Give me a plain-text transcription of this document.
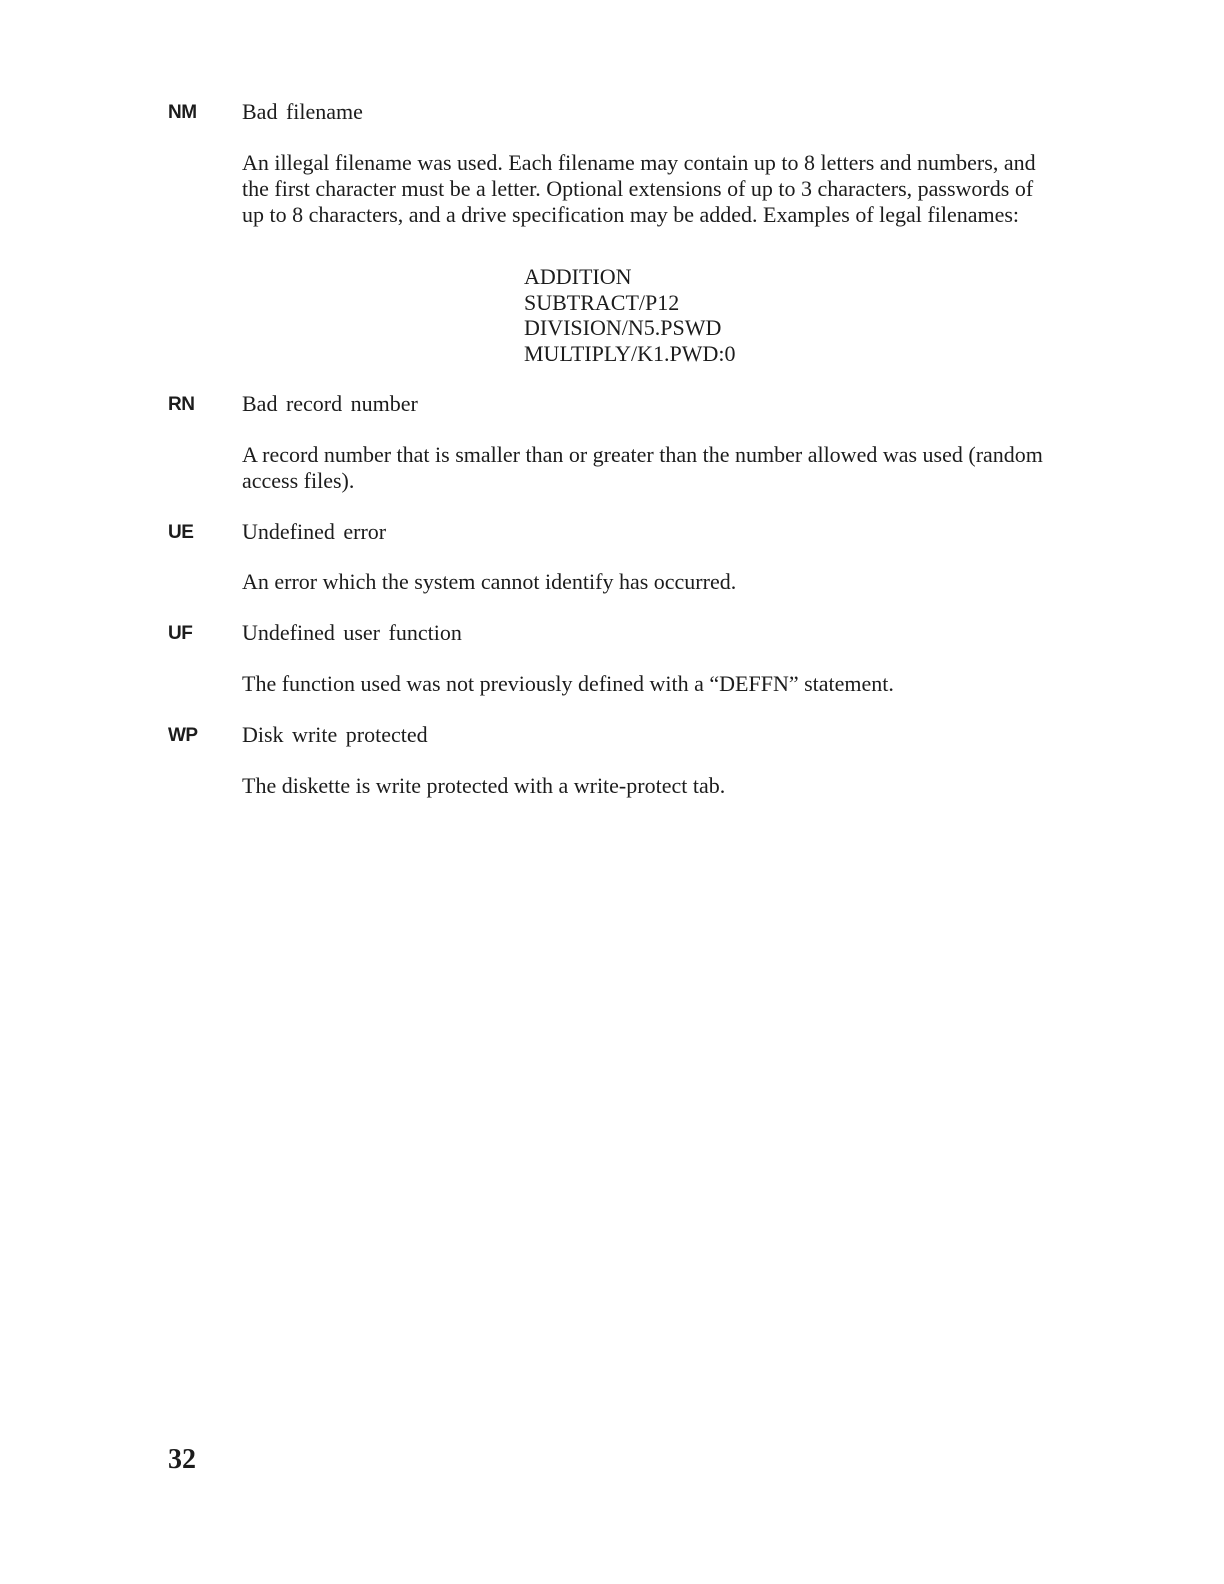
NM Bad filename
An illegal filename was used. Each filename may contain up to 8 letters and numbers, and the first character must be a letter. Optional extensions of up to 3 characters, passwords of up to 8 characters, and a drive specification may be added. Examples of legal filenames:
ADDITION
SUBTRACT/P12
DIVISION/N5.PSWD
MULTIPLY/K1.PWD:0
RN Bad record number
A record number that is smaller than or greater than the number allowed was used (random access files).
UE Undefined error
An error which the system cannot identify has occurred.
UF Undefined user function
The function used was not previously defined with a “DEFFN” statement.
WP Disk write protected
The diskette is write protected with a write-protect tab.
32
